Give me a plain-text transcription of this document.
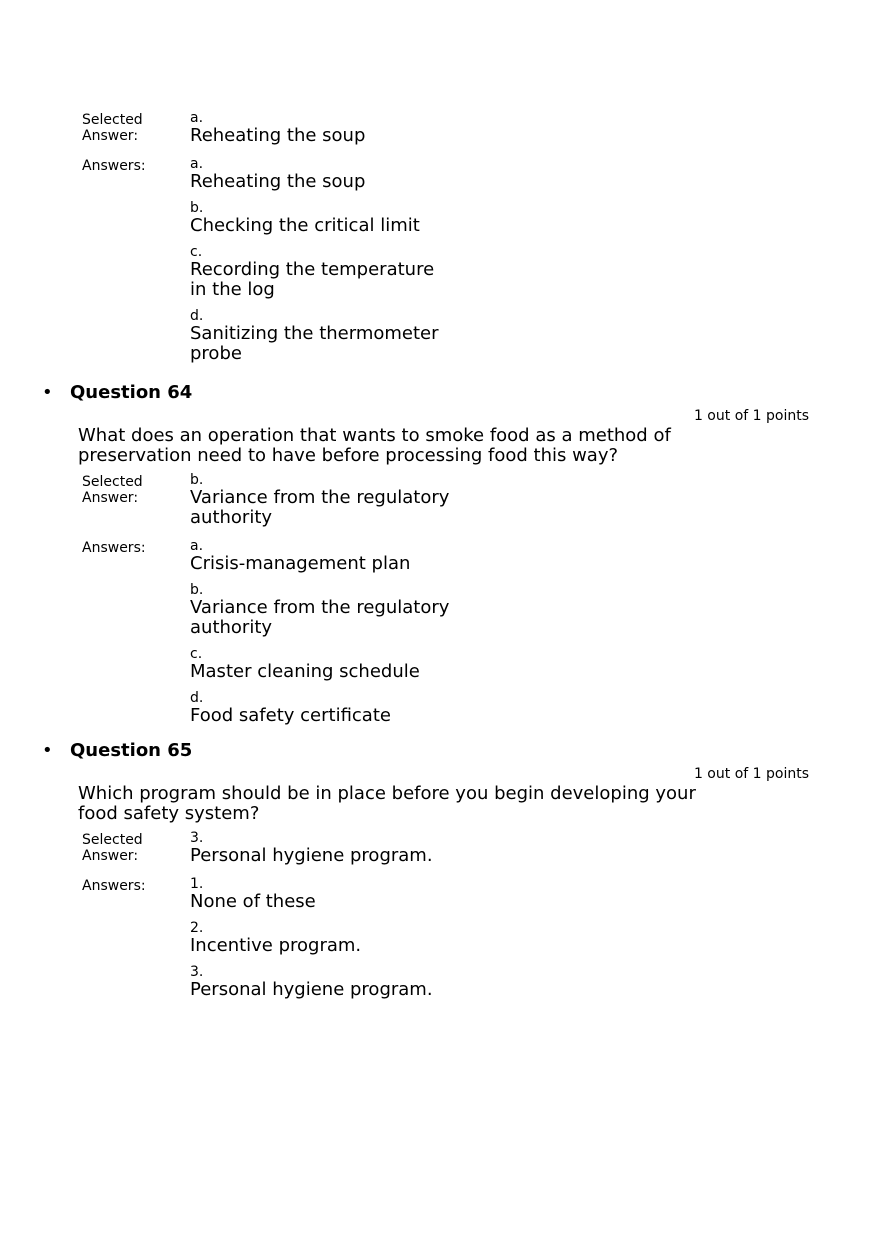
Selected Answer:
a.
Reheating the soup
Answers:	a.
Reheating the soup
b.
Checking the critical limit
c.
Recording the temperature in the log
d.
Sanitizing the thermometer probe
• Question 64
1 out of 1 points
What does an operation that wants to smoke food as a method of preservation need to have before processing food this way?
Selected Answer:
b.
Variance from the regulatory authority
Answers:	a.
Crisis-management plan
b.
Variance from the regulatory authority
c.
Master cleaning schedule
d.
Food safety certificate
• Question 65
1 out of 1 points
Which program should be in place before you begin developing your food safety system?
Selected Answer:
3.
Personal hygiene program.
Answers:	1.
None of these
2.
Incentive program.
3.
Personal hygiene program.
